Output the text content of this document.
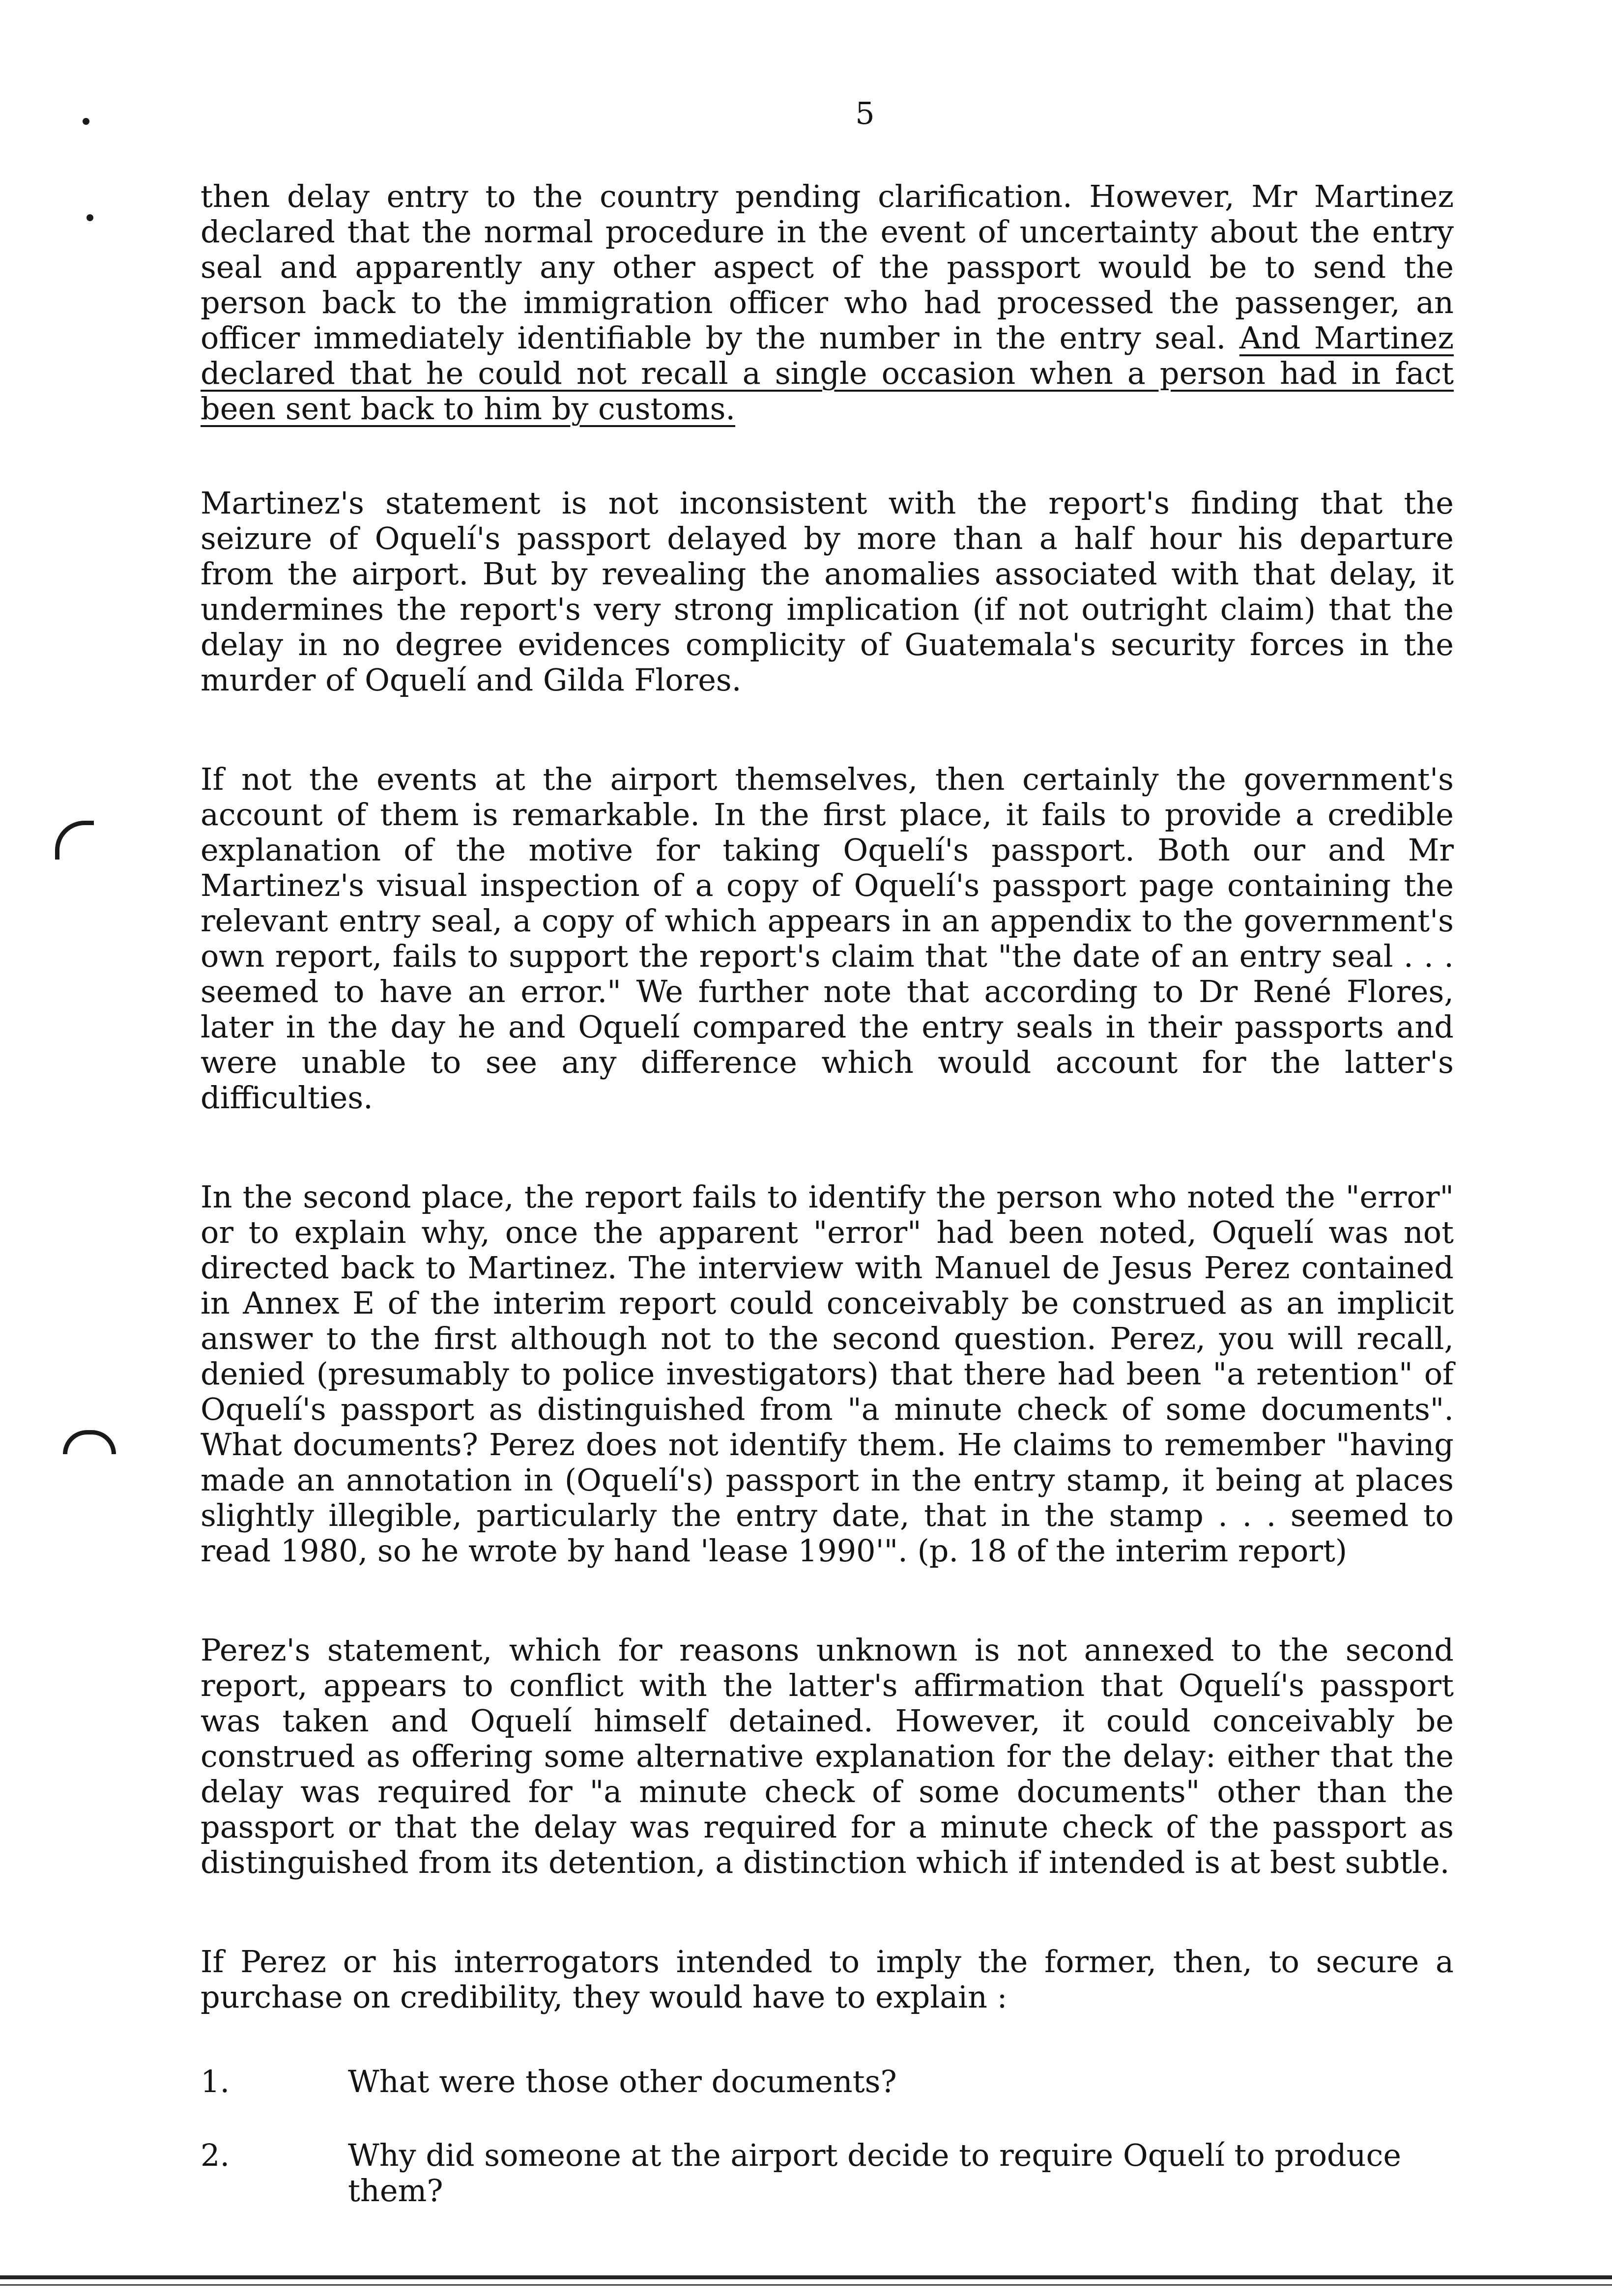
5

then delay entry to the country pending clarification. However, Mr Martinez declared that the normal procedure in the event of uncertainty about the entry seal and apparently any other aspect of the passport would be to send the person back to the immigration officer who had processed the passenger, an officer immediately identifiable by the number in the entry seal. And Martinez declared that he could not recall a single occasion when a person had in fact been sent back to him by customs.

Martinez's statement is not inconsistent with the report's finding that the seizure of Oquelí's passport delayed by more than a half hour his departure from the airport. But by revealing the anomalies associated with that delay, it undermines the report's very strong implication (if not outright claim) that the delay in no degree evidences complicity of Guatemala's security forces in the murder of Oquelí and Gilda Flores.

If not the events at the airport themselves, then certainly the government's account of them is remarkable. In the first place, it fails to provide a credible explanation of the motive for taking Oquelí's passport. Both our and Mr Martinez's visual inspection of a copy of Oquelí's passport page containing the relevant entry seal, a copy of which appears in an appendix to the government's own report, fails to support the report's claim that "the date of an entry seal . . . seemed to have an error." We further note that according to Dr René Flores, later in the day he and Oquelí compared the entry seals in their passports and were unable to see any difference which would account for the latter's difficulties.

In the second place, the report fails to identify the person who noted the "error" or to explain why, once the apparent "error" had been noted, Oquelí was not directed back to Martinez. The interview with Manuel de Jesus Perez contained in Annex E of the interim report could conceivably be construed as an implicit answer to the first although not to the second question. Perez, you will recall, denied (presumably to police investigators) that there had been "a retention" of Oquelí's passport as distinguished from "a minute check of some documents". What documents? Perez does not identify them. He claims to remember "having made an annotation in (Oquelí's) passport in the entry stamp, it being at places slightly illegible, particularly the entry date, that in the stamp . . . seemed to read 1980, so he wrote by hand 'lease 1990'". (p. 18 of the interim report)

Perez's statement, which for reasons unknown is not annexed to the second report, appears to conflict with the latter's affirmation that Oquelí's passport was taken and Oquelí himself detained. However, it could conceivably be construed as offering some alternative explanation for the delay: either that the delay was required for "a minute check of some documents" other than the passport or that the delay was required for a minute check of the passport as distinguished from its detention, a distinction which if intended is at best subtle.

If Perez or his interrogators intended to imply the former, then, to secure a purchase on credibility, they would have to explain :

1.	What were those other documents?
2.	Why did someone at the airport decide to require Oquelí to produce them?
